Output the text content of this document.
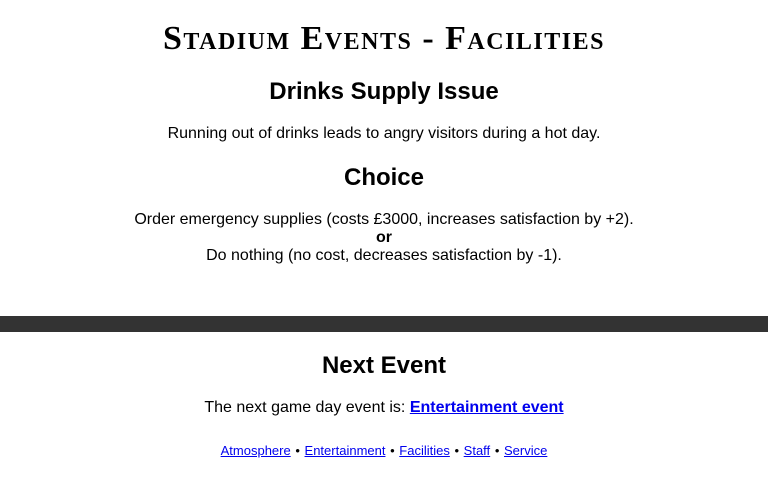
Stadium Events - Facilities
Drinks Supply Issue

Running out of drinks leads to angry visitors during a hot day.

Choice

Order emergency supplies (costs £3000, increases satisfaction by +2).

or

Do nothing (no cost, decreases satisfaction by -1).

Next Event

The next game day event is: Entertainment event

Atmosphere • Entertainment • Facilities • Staff • Service
